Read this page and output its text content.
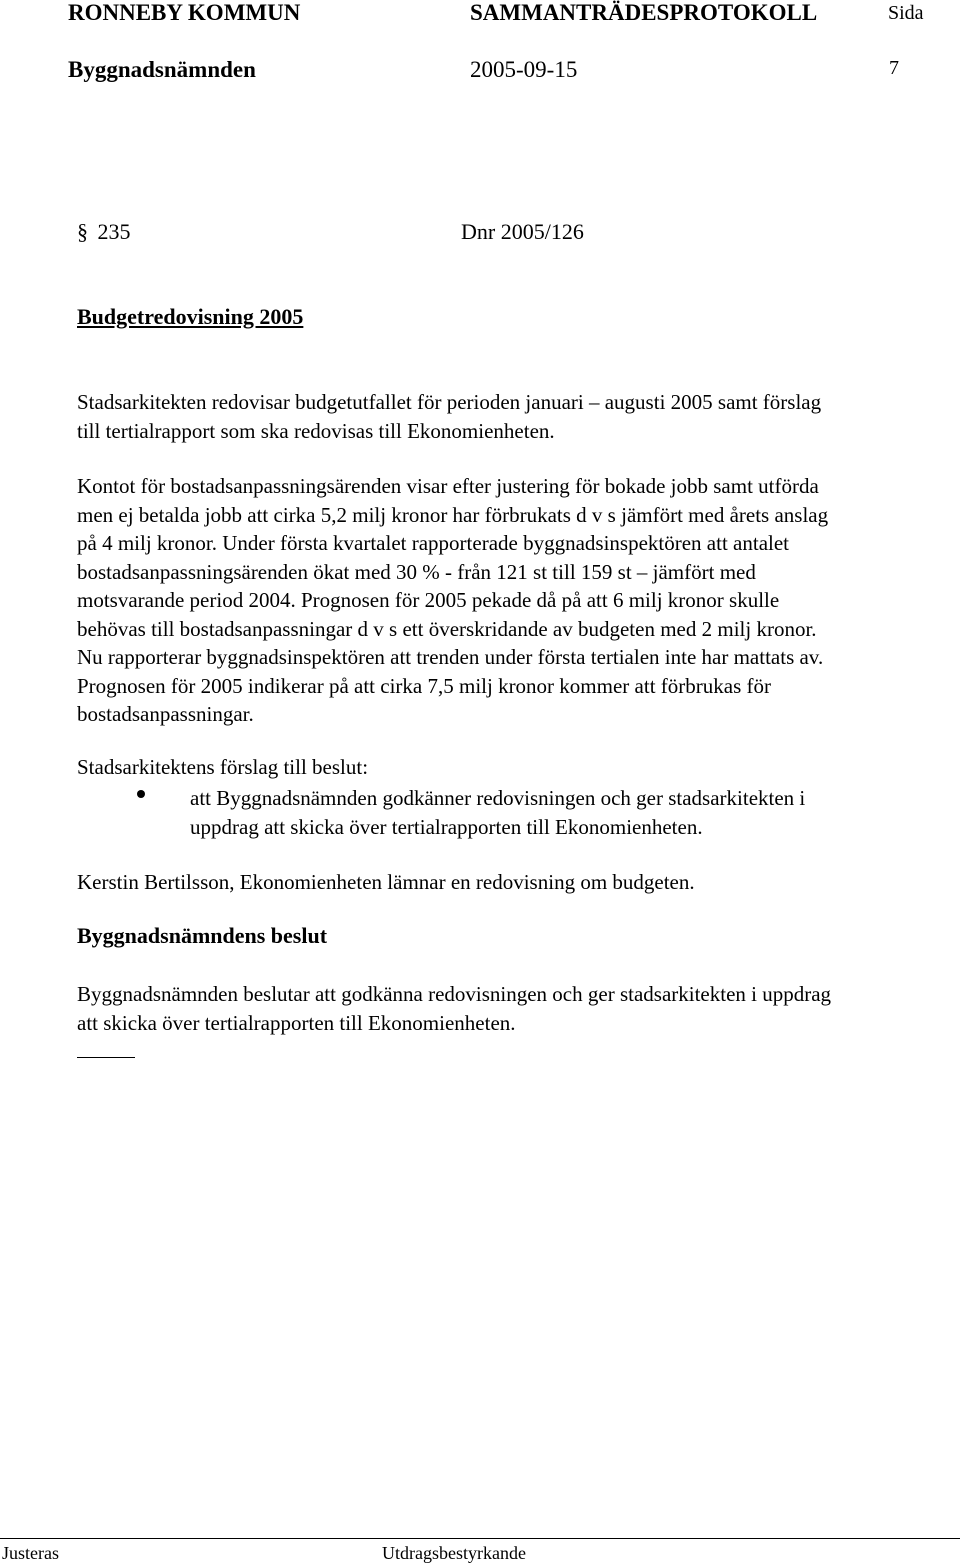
RONNEBY KOMMUN	SAMMANTRÄDESPROTOKOLL	Sida
Byggnadsnämnden	2005-09-15	7
§ 235	Dnr 2005/126
Budgetredovisning 2005
Stadsarkitekten redovisar budgetutfallet för perioden januari – augusti 2005 samt förslag
till tertialrapport som ska redovisas till Ekonomienheten.
Kontot för bostadsanpassningsärenden visar efter justering för bokade jobb samt utförda
men ej betalda jobb att cirka 5,2 milj kronor har förbrukats d v s jämfört med årets anslag
på 4 milj kronor. Under första kvartalet rapporterade byggnadsinspektören att antalet
bostadsanpassningsärenden ökat med 30 % - från 121 st till 159 st – jämfört med
motsvarande period 2004. Prognosen för 2005 pekade då på att 6 milj kronor skulle
behövas till bostadsanpassningar d v s ett överskridande av budgeten med 2 milj kronor.
Nu rapporterar byggnadsinspektören att trenden under första tertialen inte har mattats av.
Prognosen för 2005 indikerar på att cirka 7,5 milj kronor kommer att förbrukas för
bostadsanpassningar.
Stadsarkitektens förslag till beslut:
att Byggnadsnämnden godkänner redovisningen och ger stadsarkitekten i
uppdrag att skicka över tertialrapporten till Ekonomienheten.
Kerstin Bertilsson, Ekonomienheten lämnar en redovisning om budgeten.
Byggnadsnämndens beslut
Byggnadsnämnden beslutar att godkänna redovisningen och ger stadsarkitekten i uppdrag
att skicka över tertialrapporten till Ekonomienheten.
Justeras	Utdragsbestyrkande
